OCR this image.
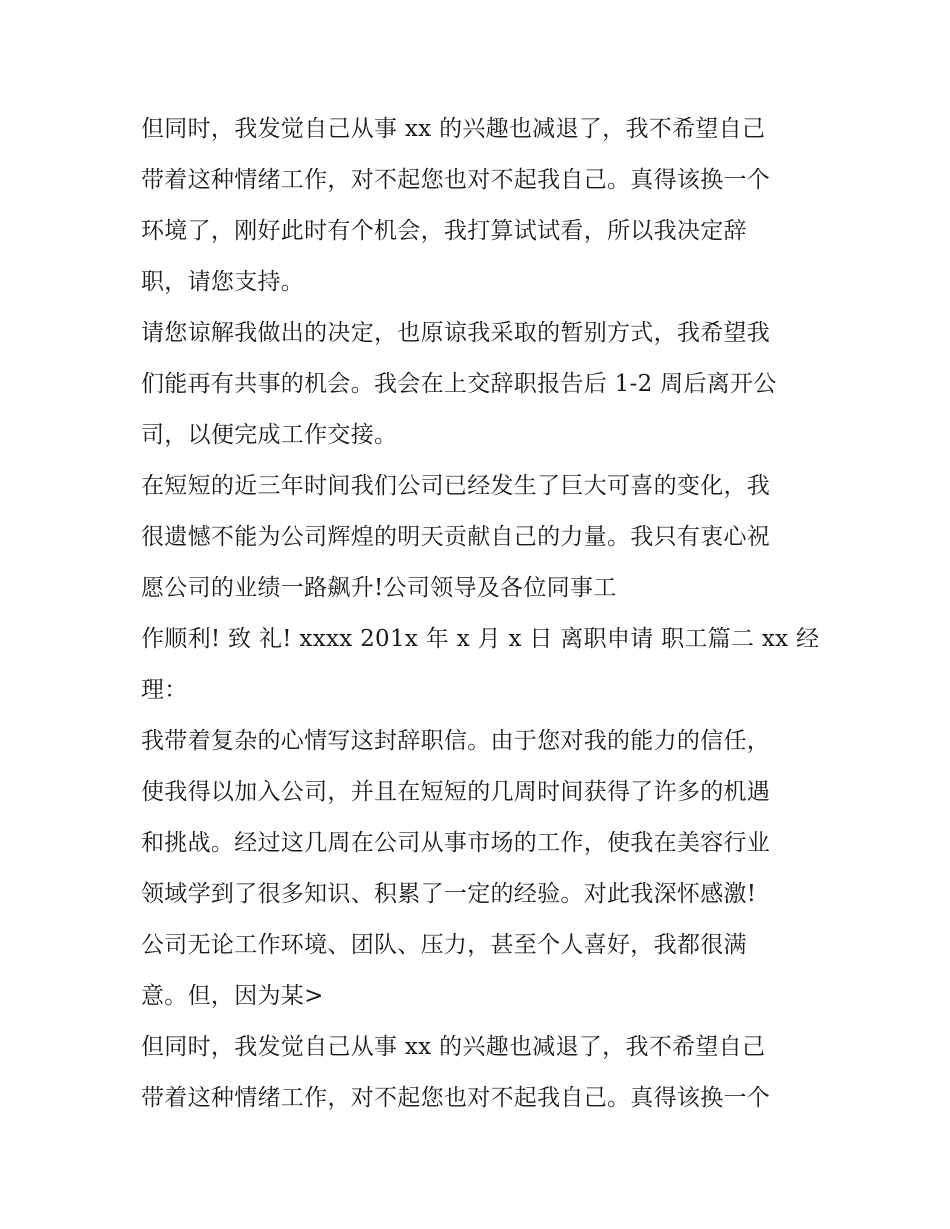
但同时，我发觉自己从事 xx 的兴趣也减退了，我不希望自己
带着这种情绪工作，对不起您也对不起我自己。真得该换一个
环境了，刚好此时有个机会，我打算试试看，所以我决定辞
职，请您支持。
请您谅解我做出的决定，也原谅我采取的暂别方式，我希望我
们能再有共事的机会。我会在上交辞职报告后 1-2 周后离开公
司，以便完成工作交接。
在短短的近三年时间我们公司已经发生了巨大可喜的变化，我
很遗憾不能为公司辉煌的明天贡献自己的力量。我只有衷心祝
愿公司的业绩一路飙升!公司领导及各位同事工
作顺利! 致 礼! xxxx 201x 年 x 月 x 日 离职申请 职工篇二 xx 经
理：
我带着复杂的心情写这封辞职信。由于您对我的能力的信任，
使我得以加入公司，并且在短短的几周时间获得了许多的机遇
和挑战。经过这几周在公司从事市场的工作，使我在美容行业
领域学到了很多知识、积累了一定的经验。对此我深怀感激!
公司无论工作环境、团队、压力，甚至个人喜好，我都很满
意。但，因为某>
但同时，我发觉自己从事 xx 的兴趣也减退了，我不希望自己
带着这种情绪工作，对不起您也对不起我自己。真得该换一个
